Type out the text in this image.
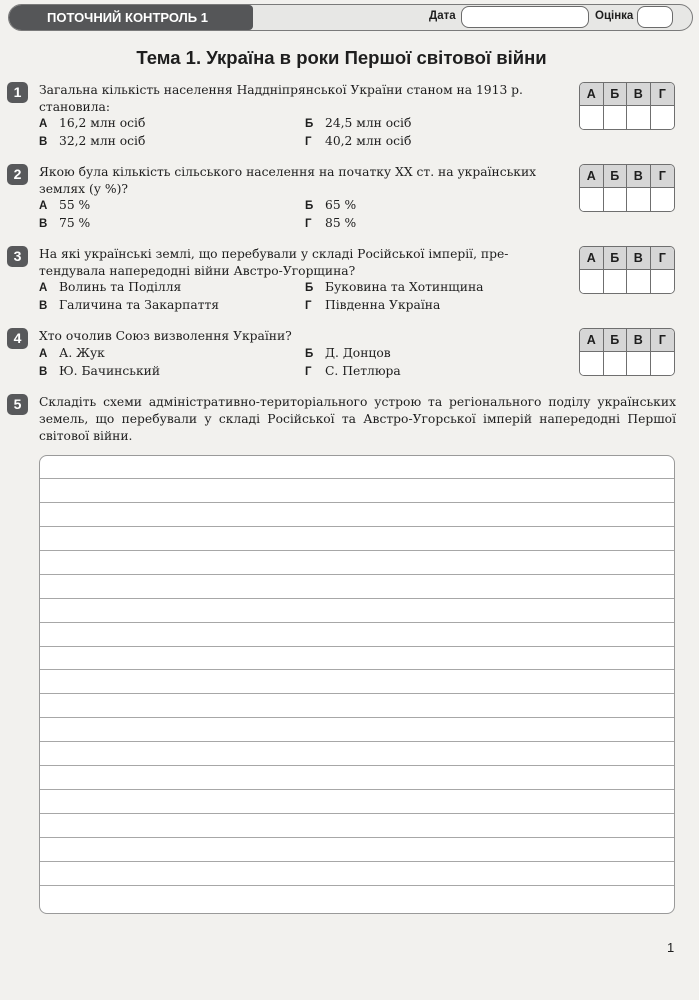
ПОТОЧНИЙ КОНТРОЛЬ 1	Дата	Оцінка
Тема 1. Україна в роки Першої світової війни
1	Загальна кількість населення Наддніпрянської України станом на 1913 р. становила:
А 16,2 млн осіб	Б 24,5 млн осіб
В 32,2 млн осіб	Г 40,2 млн осіб
А	Б	В	Г
2	Якою була кількість сільського населення на початку XX ст. на українських землях (у %)?
А 55 %	Б 65 %
В 75 %	Г 85 %
А	Б	В	Г
3	На які українські землі, що перебували у складі Російської імперії, претендувала напередодні війни Австро-Угорщина?
А Волинь та Поділля	Б Буковина та Хотинщина
В Галичина та Закарпаття	Г Південна Україна
А	Б	В	Г
4	Хто очолив Союз визволення України?
А А. Жук	Б Д. Донцов
В Ю. Бачинський	Г С. Петлюра
А	Б	В	Г
5	Складіть схеми адміністративно-територіального устрою та регіонального поділу українських земель, що перебували у складі Російської та Австро-Угорської імперій напередодні Першої світової війни.
1
